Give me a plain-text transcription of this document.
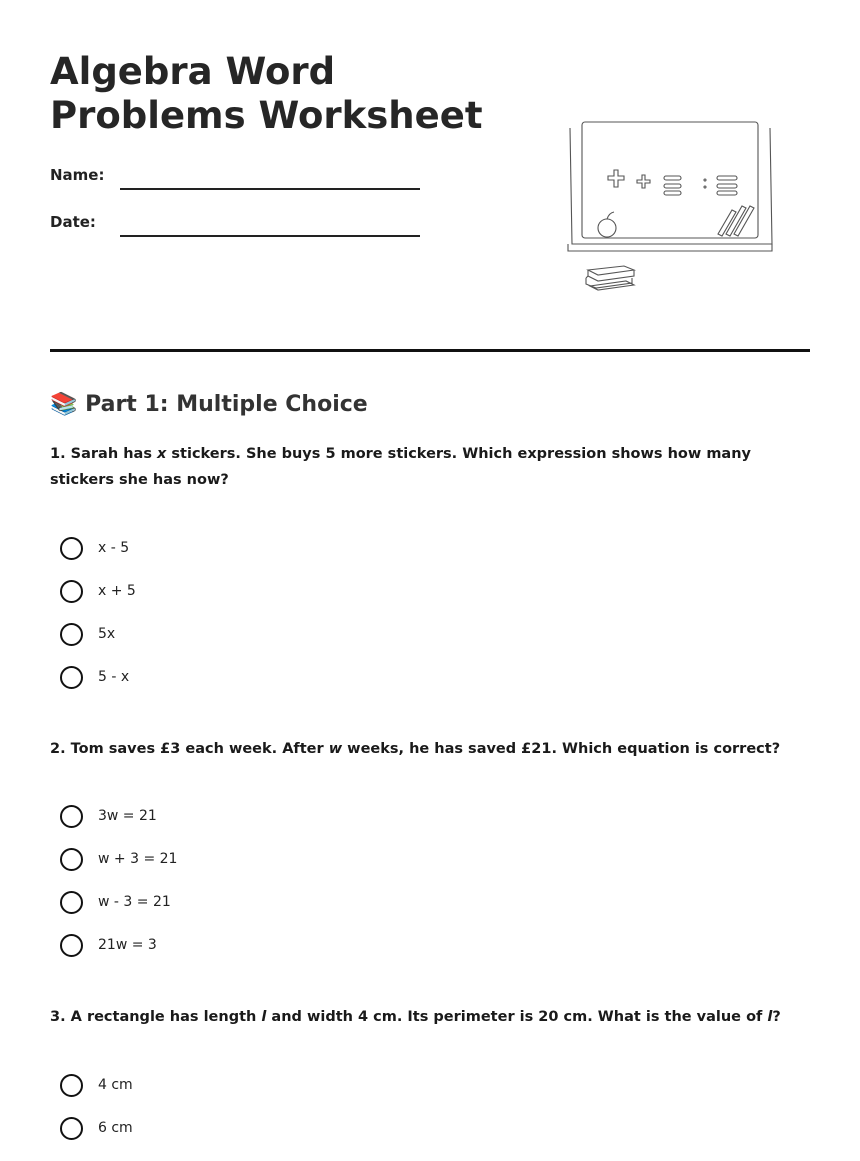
Algebra Word Problems Worksheet
Name:
Date:
📚 Part 1: Multiple Choice
1. Sarah has x stickers. She buys 5 more stickers. Which expression shows how many stickers she has now?
x - 5
x + 5
5x
5 - x
2. Tom saves £3 each week. After w weeks, he has saved £21. Which equation is correct?
3w = 21
w + 3 = 21
w - 3 = 21
21w = 3
3. A rectangle has length l and width 4 cm. Its perimeter is 20 cm. What is the value of l?
4 cm
6 cm
